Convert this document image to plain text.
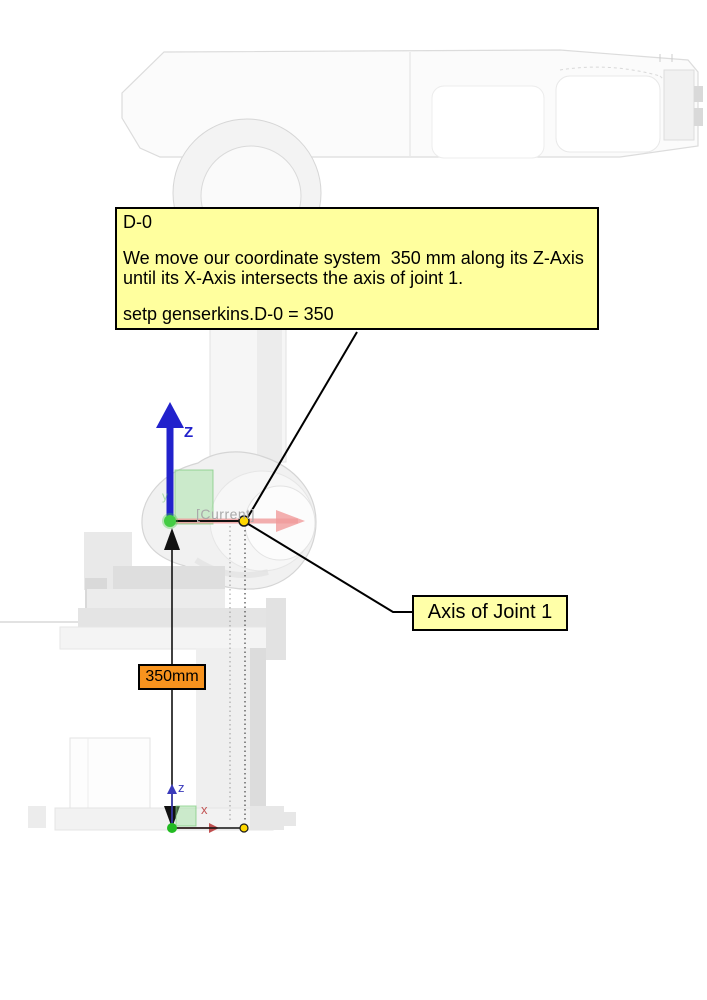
D-0
We move our coordinate system  350 mm along its Z-Axis
until its X-Axis intersects the axis of joint 1.
setp genserkins.D-0 = 350
Axis of Joint 1
350mm
[Current]
Z
y
z
x
